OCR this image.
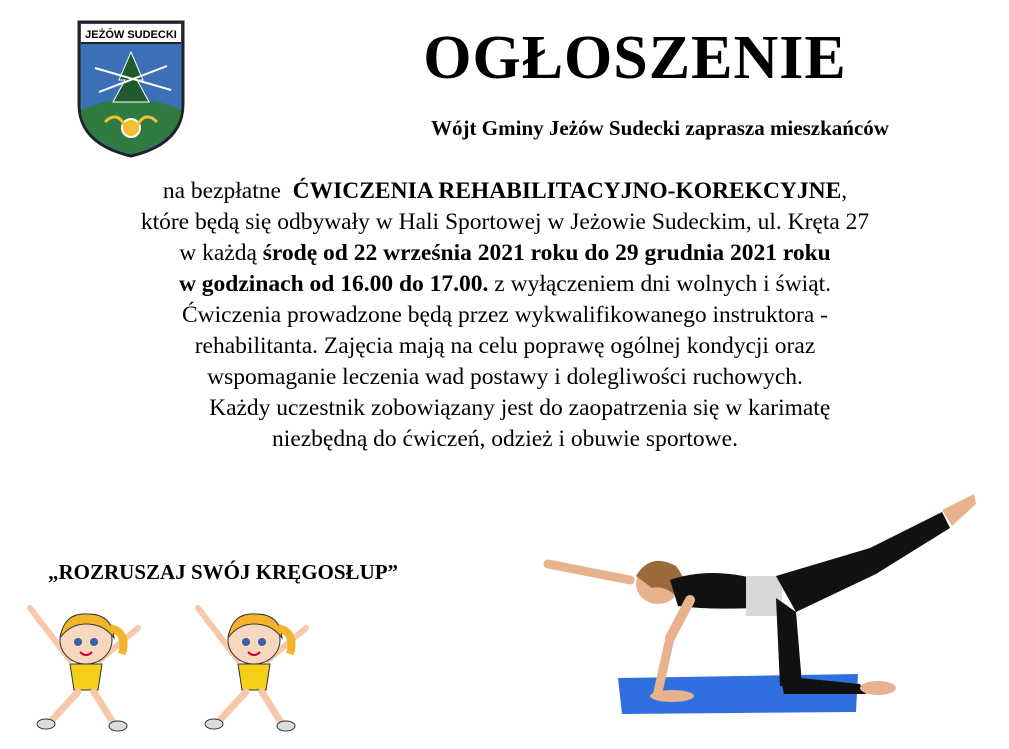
JEŻÓW SUDECKI	OGŁOSZENIE
Wójt Gminy Jeżów Sudecki zaprasza mieszkańców
na bezpłatne  ĆWICZENIA REHABILITACYJNO-KOREKCYJNE,
które będą się odbywały w Hali Sportowej w Jeżowie Sudeckim, ul. Kręta 27
w każdą środę od 22 września 2021 roku do 29 grudnia 2021 roku
w godzinach od 16.00 do 17.00. z wyłączeniem dni wolnych i świąt.
Ćwiczenia prowadzone będą przez wykwalifikowanego instruktora -
rehabilitanta. Zajęcia mają na celu poprawę ogólnej kondycji oraz
wspomaganie leczenia wad postawy i dolegliwości ruchowych.
Każdy uczestnik zobowiązany jest do zaopatrzenia się w karimatę
niezbędną do ćwiczeń, odzież i obuwie sportowe.
„ROZRUSZAJ SWÓJ KRĘGOSŁUP”
